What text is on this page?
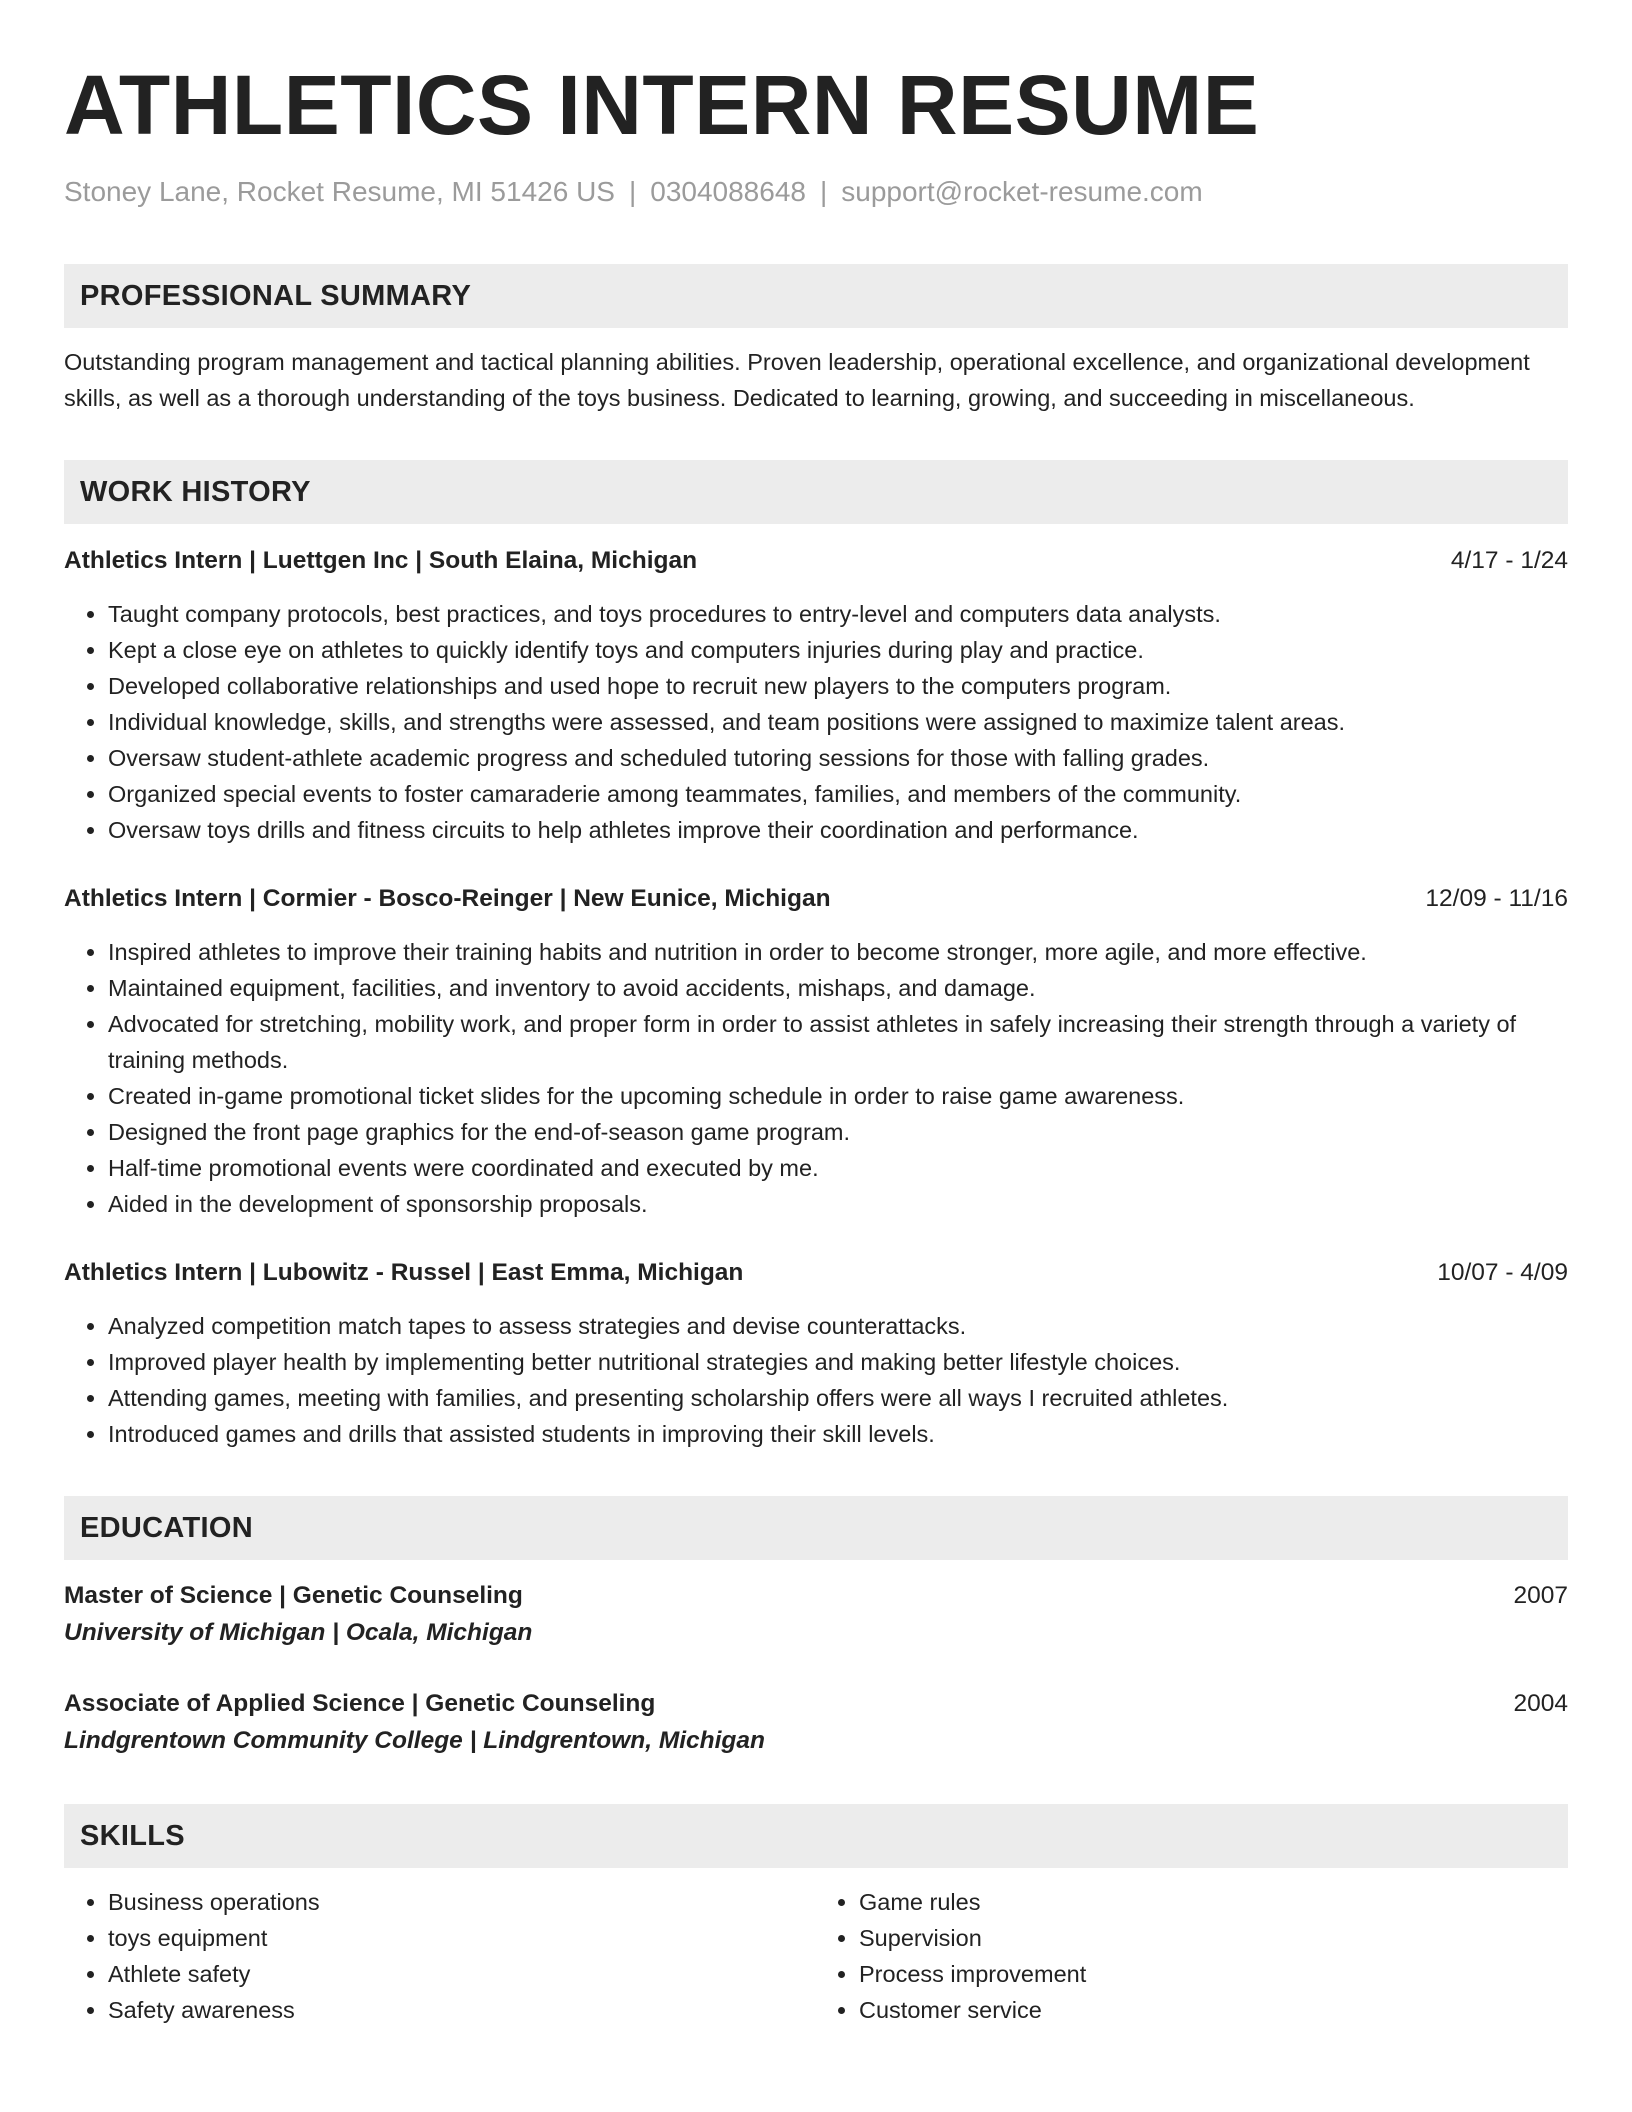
ATHLETICS INTERN RESUME
Stoney Lane, Rocket Resume, MI 51426 US | 0304088648 | support@rocket-resume.com
PROFESSIONAL SUMMARY

Outstanding program management and tactical planning abilities. Proven leadership, operational excellence, and organizational development skills, as well as a thorough understanding of the toys business. Dedicated to learning, growing, and succeeding in miscellaneous.

WORK HISTORY
Athletics Intern | Luettgen Inc | South Elaina, Michigan	4/17 - 1/24
• Taught company protocols, best practices, and toys procedures to entry-level and computers data analysts.
• Kept a close eye on athletes to quickly identify toys and computers injuries during play and practice.
• Developed collaborative relationships and used hope to recruit new players to the computers program.
• Individual knowledge, skills, and strengths were assessed, and team positions were assigned to maximize talent areas.
• Oversaw student-athlete academic progress and scheduled tutoring sessions for those with falling grades.
• Organized special events to foster camaraderie among teammates, families, and members of the community.
• Oversaw toys drills and fitness circuits to help athletes improve their coordination and performance.
Athletics Intern | Cormier - Bosco-Reinger | New Eunice, Michigan	12/09 - 11/16
• Inspired athletes to improve their training habits and nutrition in order to become stronger, more agile, and more effective.
• Maintained equipment, facilities, and inventory to avoid accidents, mishaps, and damage.
• Advocated for stretching, mobility work, and proper form in order to assist athletes in safely increasing their strength through a variety of training methods.
• Created in-game promotional ticket slides for the upcoming schedule in order to raise game awareness.
• Designed the front page graphics for the end-of-season game program.
• Half-time promotional events were coordinated and executed by me.
• Aided in the development of sponsorship proposals.
Athletics Intern | Lubowitz - Russel | East Emma, Michigan	10/07 - 4/09
• Analyzed competition match tapes to assess strategies and devise counterattacks.
• Improved player health by implementing better nutritional strategies and making better lifestyle choices.
• Attending games, meeting with families, and presenting scholarship offers were all ways I recruited athletes.
• Introduced games and drills that assisted students in improving their skill levels.
EDUCATION
Master of Science | Genetic Counseling	2007
University of Michigan | Ocala, Michigan
Associate of Applied Science | Genetic Counseling	2004
Lindgrentown Community College | Lindgrentown, Michigan
SKILLS
• Business operations
• toys equipment
• Athlete safety
• Safety awareness
• Game rules
• Supervision
• Process improvement
• Customer service
